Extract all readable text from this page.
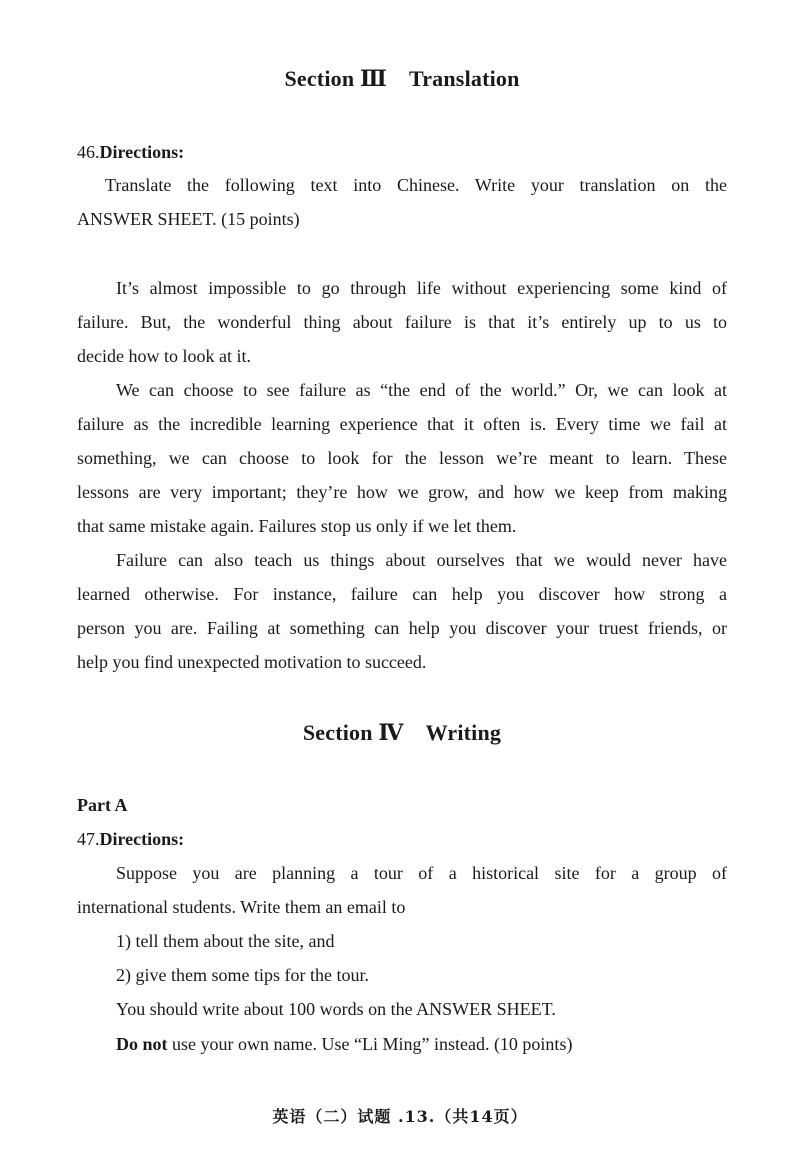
Section Ⅲ Translation
46.Directions:
Translate the following text into Chinese. Write your translation on the
ANSWER SHEET. (15 points)
It’s almost impossible to go through life without experiencing some kind of
failure. But, the wonderful thing about failure is that it’s entirely up to us to
decide how to look at it.
We can choose to see failure as “the end of the world.” Or, we can look at
failure as the incredible learning experience that it often is. Every time we fail at
something, we can choose to look for the lesson we’re meant to learn. These
lessons are very important; they’re how we grow, and how we keep from making
that same mistake again. Failures stop us only if we let them.
Failure can also teach us things about ourselves that we would never have
learned otherwise. For instance, failure can help you discover how strong a
person you are. Failing at something can help you discover your truest friends, or
help you find unexpected motivation to succeed.
Section Ⅳ Writing
Part A
47.Directions:
Suppose you are planning a tour of a historical site for a group of
international students. Write them an email to
1) tell them about the site, and
2) give them some tips for the tour.
You should write about 100 words on the ANSWER SHEET.
Do not use your own name. Use “Li Ming” instead. (10 points)
英语（二）试题 .13.（共14页）
